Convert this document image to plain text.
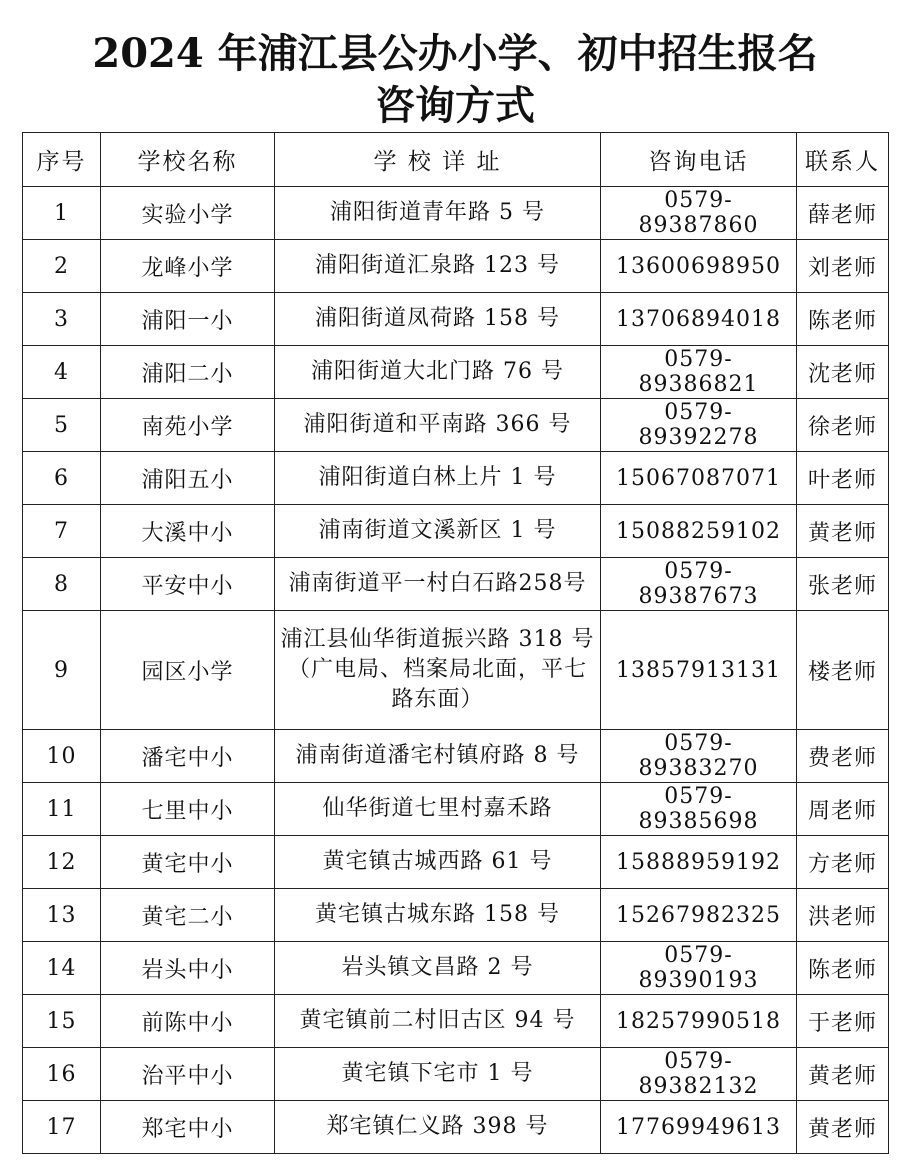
2024 年浦江县公办小学、初中招生报名
咨询方式
序号	学校名称	学 校 详 址	咨询电话	联系人
1	实验小学	浦阳街道青年路 5 号	0579-89387860	薛老师
2	龙峰小学	浦阳街道汇泉路 123 号	13600698950	刘老师
3	浦阳一小	浦阳街道凤荷路 158 号	13706894018	陈老师
4	浦阳二小	浦阳街道大北门路 76 号	0579-89386821	沈老师
5	南苑小学	浦阳街道和平南路 366 号	0579-89392278	徐老师
6	浦阳五小	浦阳街道白林上片 1 号	15067087071	叶老师
7	大溪中小	浦南街道文溪新区 1 号	15088259102	黄老师
8	平安中小	浦南街道平一村白石路258号	0579-89387673	张老师
9	园区小学	浦江县仙华街道振兴路 318 号（广电局、档案局北面，平七路东面）	13857913131	楼老师
10	潘宅中小	浦南街道潘宅村镇府路 8 号	0579-89383270	费老师
11	七里中小	仙华街道七里村嘉禾路	0579-89385698	周老师
12	黄宅中小	黄宅镇古城西路 61 号	15888959192	方老师
13	黄宅二小	黄宅镇古城东路 158 号	15267982325	洪老师
14	岩头中小	岩头镇文昌路 2 号	0579-89390193	陈老师
15	前陈中小	黄宅镇前二村旧古区 94 号	18257990518	于老师
16	治平中小	黄宅镇下宅市 1 号	0579-89382132	黄老师
17	郑宅中小	郑宅镇仁义路 398 号	17769949613	黄老师
